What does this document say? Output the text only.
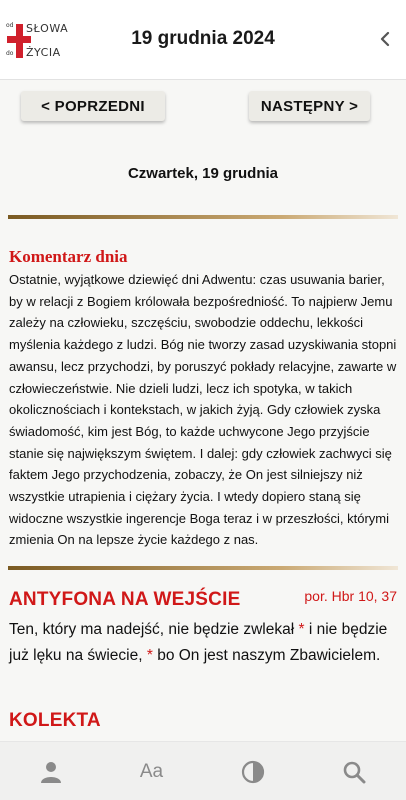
od SŁOWA
do ŻYCIA
19 grudnia 2024
< POPRZEDNI	NASTĘPNY >
Czwartek, 19 grudnia
Komentarz dnia
Ostatnie, wyjątkowe dziewięć dni Adwentu: czas usuwania barier, by w relacji z Bogiem królowała bezpośredniość. To najpierw Jemu zależy na człowieku, szczęściu, swobodzie oddechu, lekkości myślenia każdego z ludzi. Bóg nie tworzy zasad uzyskiwania stopni awansu, lecz przychodzi, by poruszyć pokłady relacyjne, zawarte w człowieczeństwie. Nie dzieli ludzi, lecz ich spotyka, w takich okolicznościach i kontekstach, w jakich żyją. Gdy człowiek zyska świadomość, kim jest Bóg, to każde uchwycone Jego przyjście stanie się największym świętem. I dalej: gdy człowiek zachwyci się faktem Jego przychodzenia, zobaczy, że On jest silniejszy niż wszystkie utrapienia i ciężary życia. I wtedy dopiero staną się widoczne wszystkie ingerencje Boga teraz i w przeszłości, którymi zmienia On na lepsze życie każdego z nas.
ANTYFONA NA WEJŚCIE	por. Hbr 10, 37
Ten, który ma nadejść, nie będzie zwlekał * i nie będzie już lęku na świecie, * bo On jest naszym Zbawicielem.
KOLEKTA
Aa
